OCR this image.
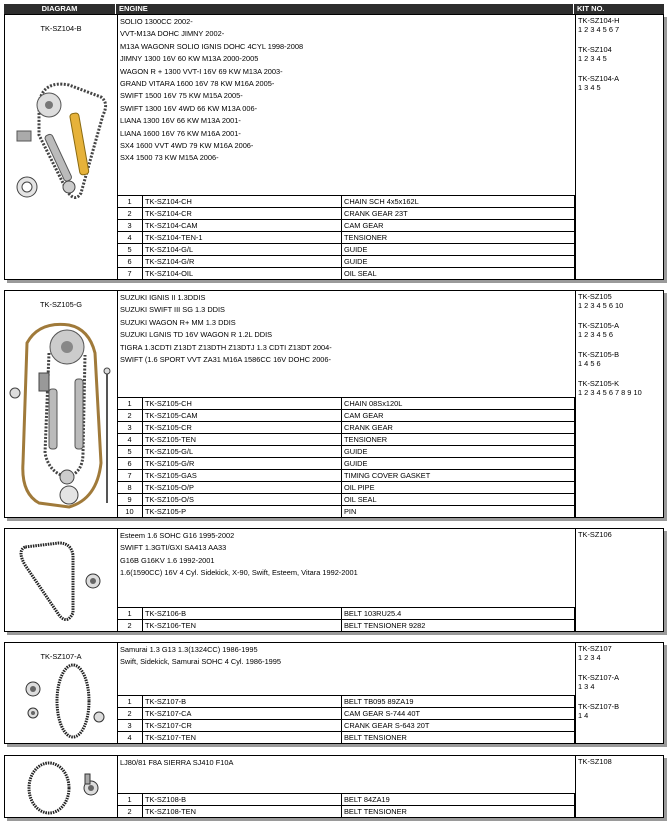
DIAGRAM	ENGINE	KIT NO.
TK-SZ104-B
SOLIO 1300CC 2002-
VVT-M13A DOHC JIMNY 2002-
M13A WAGONR SOLIO IGNIS DOHC 4CYL 1998-2008
JIMNY 1300 16V 60 KW M13A 2000-2005
WAGON R + 1300 VVT-I 16V 69 KW M13A 2003-
GRAND VITARA 1600 16V 78 KW M16A 2005-
SWIFT 1500 16V 75 KW M15A 2005-
SWIFT 1300 16V 4WD 66 KW M13A 006-
LIANA 1300 16V 66 KW M13A 2001-
LIANA 1600 16V 76 KW M16A 2001-
SX4 1600 VVT 4WD 79 KW M16A 2006-
SX4 1500 73 KW M15A 2006-
1	TK-SZ104-CH	CHAIN SCH 4x5x162L
2	TK-SZ104-CR	CRANK GEAR 23T
3	TK-SZ104-CAM	CAM GEAR
4	TK-SZ104-TEN-1	TENSIONER
5	TK-SZ104-G/L	GUIDE
6	TK-SZ104-G/R	GUIDE
7	TK-SZ104-OIL	OIL SEAL
TK-SZ104-H
1 2 3 4 5 6 7
TK-SZ104
1 2 3 4 5
TK-SZ104-A
1 3 4 5
TK-SZ105-G
SUZUKI IGNIS II 1.3DDIS
SUZUKI SWIFT III SG 1.3 DDIS
SUZUKI WAGON R+ MM 1.3 DDIS
SUZUKI LGNIS TD 16V WAGON R 1.2L DDIS
TIGRA 1.3CDTI Z13DT Z13DTH Z13DTJ 1.3 CDTI Z13DT 2004-
SWIFT (1.6 SPORT VVT ZA31 M16A 1586CC 16V DOHC 2006-
1	TK-SZ105-CH	CHAIN 08Sx120L
2	TK-SZ105-CAM	CAM GEAR
3	TK-SZ105-CR	CRANK GEAR
4	TK-SZ105-TEN	TENSIONER
5	TK-SZ105-G/L	GUIDE
6	TK-SZ105-G/R	GUIDE
7	TK-SZ105-GAS	TIMING COVER GASKET
8	TK-SZ105-O/P	OIL PIPE
9	TK-SZ105-O/S	OIL SEAL
10	TK-SZ105-P	PIN
TK-SZ105
1 2 3 4 5 6 10
TK-SZ105-A
1 2 3 4 5 6
TK-SZ105-B
1 4 5 6
TK-SZ105-K
1 2 3 4 5 6 7 8 9 10
Esteem 1.6 SOHC G16 1995-2002
SWIFT 1.3GTI/GXI SA413 AA33
G16B G16KV 1.6 1992-2001
1.6(1590CC) 16V 4 Cyl. Sidekick, X-90, Swift, Esteem, Vitara 1992-2001
1	TK-SZ106-B	BELT 103RU25.4
2	TK-SZ106-TEN	BELT TENSIONER 9282
TK-SZ106
TK-SZ107-A
Samurai 1.3 G13 1.3(1324CC) 1986-1995
Swift, Sidekick, Samurai SOHC 4 Cyl. 1986-1995
1	TK-SZ107-B	BELT TB095 89ZA19
2	TK-SZ107-CA	CAM GEAR S-744 40T
3	TK-SZ107-CR	CRANK GEAR S-643 20T
4	TK-SZ107-TEN	BELT TENSIONER
TK-SZ107
1 2 3 4
TK-SZ107-A
1 3 4
TK-SZ107-B
1 4
LJ80/81 F8A SIERRA SJ410 F10A
1	TK-SZ108-B	BELT 84ZA19
2	TK-SZ108-TEN	BELT TENSIONER
TK-SZ108
